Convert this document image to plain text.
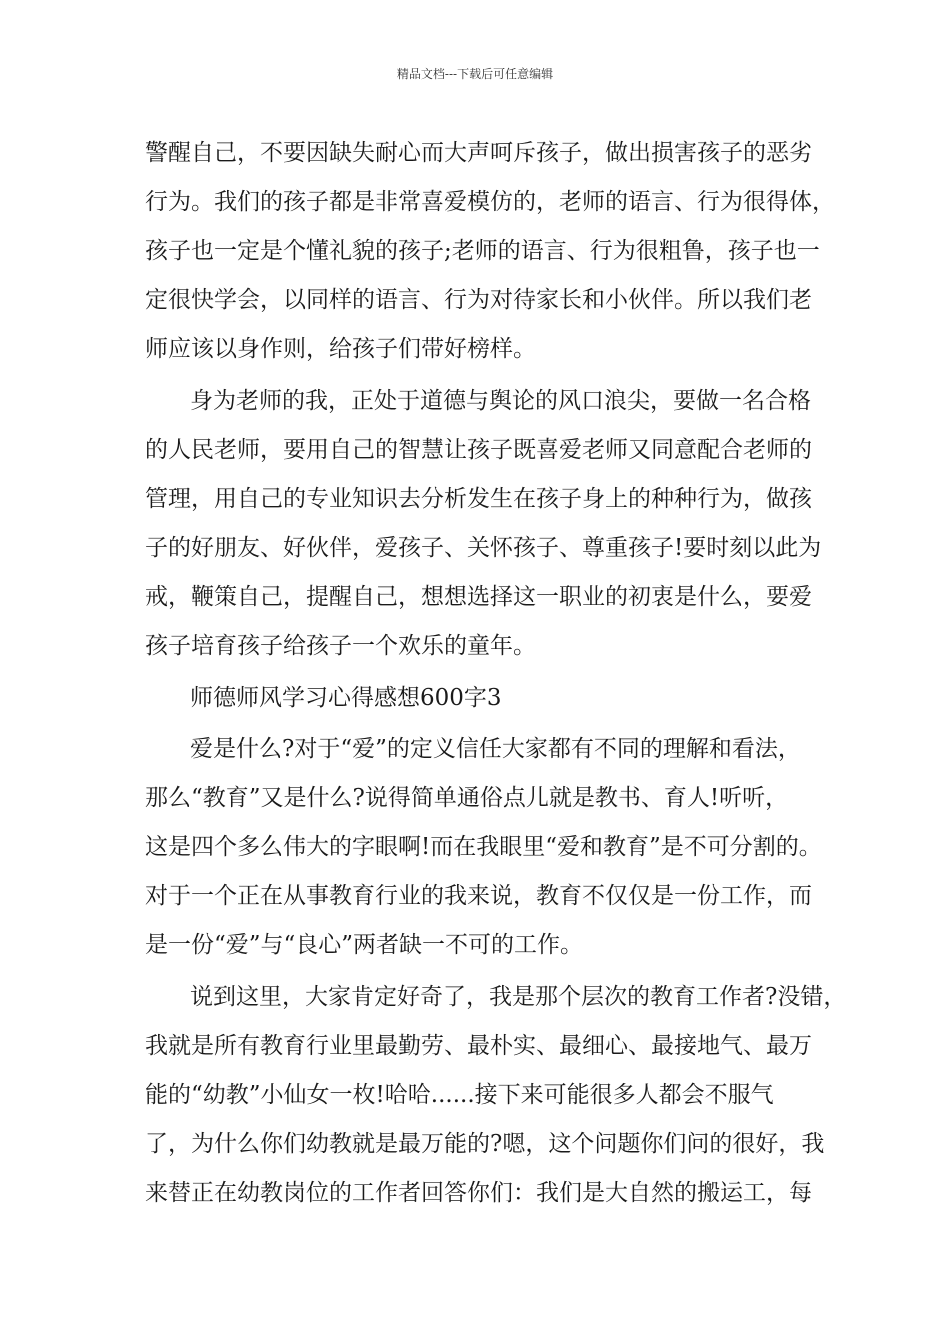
精品文档---下载后可任意编辑
警醒自己，不要因缺失耐心而大声呵斥孩子，做出损害孩子的恶劣
行为。我们的孩子都是非常喜爱模仿的，老师的语言、行为很得体，
孩子也一定是个懂礼貌的孩子;老师的语言、行为很粗鲁，孩子也一
定很快学会，以同样的语言、行为对待家长和小伙伴。所以我们老
师应该以身作则，给孩子们带好榜样。
身为老师的我，正处于道德与舆论的风口浪尖，要做一名合格
的人民老师，要用自己的智慧让孩子既喜爱老师又同意配合老师的
管理，用自己的专业知识去分析发生在孩子身上的种种行为，做孩
子的好朋友、好伙伴，爱孩子、关怀孩子、尊重孩子!要时刻以此为
戒，鞭策自己，提醒自己，想想选择这一职业的初衷是什么，要爱
孩子培育孩子给孩子一个欢乐的童年。
师德师风学习心得感想600字3
爱是什么?对于“爱”的定义信任大家都有不同的理解和看法，
那么“教育”又是什么?说得简单通俗点儿就是教书、育人!听听，
这是四个多么伟大的字眼啊!而在我眼里“爱和教育”是不可分割的。
对于一个正在从事教育行业的我来说，教育不仅仅是一份工作，而
是一份“爱”与“良心”两者缺一不可的工作。
说到这里，大家肯定好奇了，我是那个层次的教育工作者?没错，
我就是所有教育行业里最勤劳、最朴实、最细心、最接地气、最万
能的“幼教”小仙女一枚!哈哈......接下来可能很多人都会不服气
了，为什么你们幼教就是最万能的?嗯，这个问题你们问的很好，我
来替正在幼教岗位的工作者回答你们：我们是大自然的搬运工，每
